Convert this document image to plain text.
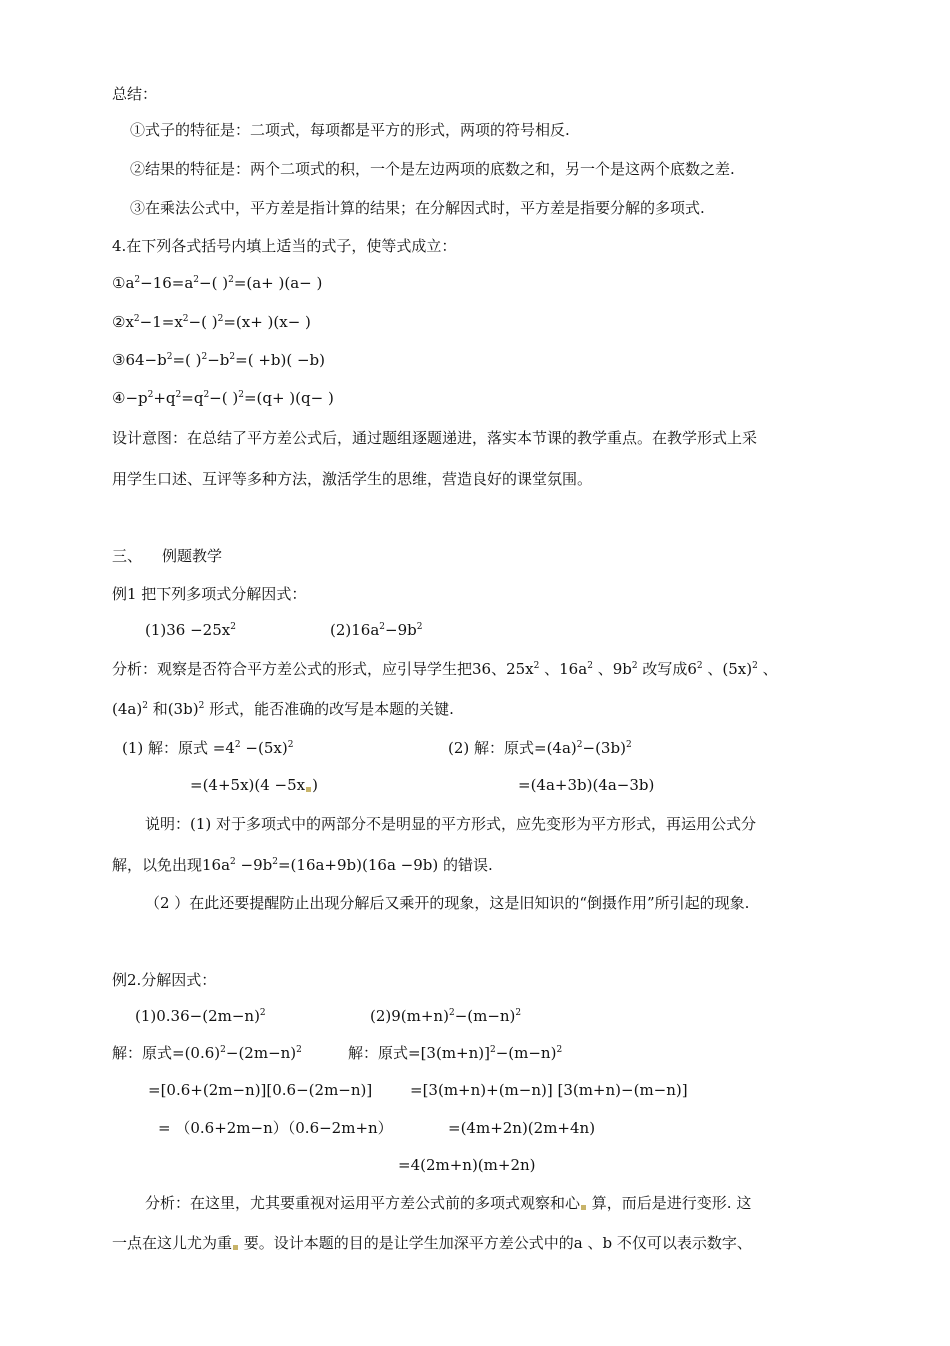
总结：

①式子的特征是：二项式，每项都是平方的形式，两项的符号相反.

②结果的特征是：两个二项式的积，一个是左边两项的底数之和，另一个是这两个底数之差.

③在乘法公式中，平方差是指计算的结果；在分解因式时，平方差是指要分解的多项式.

4.在下列各式括号内填上适当的式子，使等式成立：

$①a^2-16=a^2-$( )$^2$=(a+ )(a− )

$②x^2-1=x^2-$( )$^2$=(x+ )(x− )

$③64-b^2=$( )$^2-b^2=( +b)( -b)$

$④-p^2+q^2=q^2-$( )$^2$=(q+ )(q− )

设计意图：在总结了平方差公式后，通过题组逐题递进，落实本节课的教学重点。在教学形式上采

用学生口述、互评等多种方法，激活学生的思维，营造良好的课堂氛围。

三、 例题教学

例1 把下列多项式分解因式：

$(1)36 -25x^2$	$(2)16a^2-9b^2$

分析：观察是否符合平方差公式的形式，应引导学生把36、$25x^2$ 、$16a^2$ 、$9b^2$ 改写成$6^2$ 、$(5x)^2$ 、

$(4a)^2$ 和$(3b)^2$ 形式，能否准确的改写是本题的关键.

(1) 解：原式 $=4^2 -(5x)^2$	(2) 解：原式$=(4a)^2-(3b)^2$

=(4+5x)(4 −5x )	=(4a+3b)(4a−3b)

说明：(1) 对于多项式中的两部分不是明显的平方形式，应先变形为平方形式，再运用公式分

解，以免出现$16a^2 -9b^2=(16a+9b)(16a -9b)$ 的错误.

（2 ）在此还要提醒防止出现分解后又乘开的现象，这是旧知识的“倒摄作用”所引起的现象.

例2.分解因式：

$(1)0.36-(2m-n)^2$	$(2)9(m+n)^2-(m-n)^2$

解：原式$=(0.6)^2-(2m-n)^2$	解：原式$=[3(m+n)]^2-(m-n)^2$

=[0.6+(2m−n)][0.6−(2m−n)]	=[3(m+n)+(m−n)] [3(m+n)−(m−n)]

= （0.6+2m−n）（0.6−2m+n）	=(4m+2n)(2m+4n)

=4(2m+n)(m+2n)

分析：在这里，尤其要重视对运用平方差公式前的多项式观察和心 算，而后是进行变形. 这

一点在这儿尤为重 要。设计本题的目的是让学生加深平方差公式中的a 、b 不仅可以表示数字、
